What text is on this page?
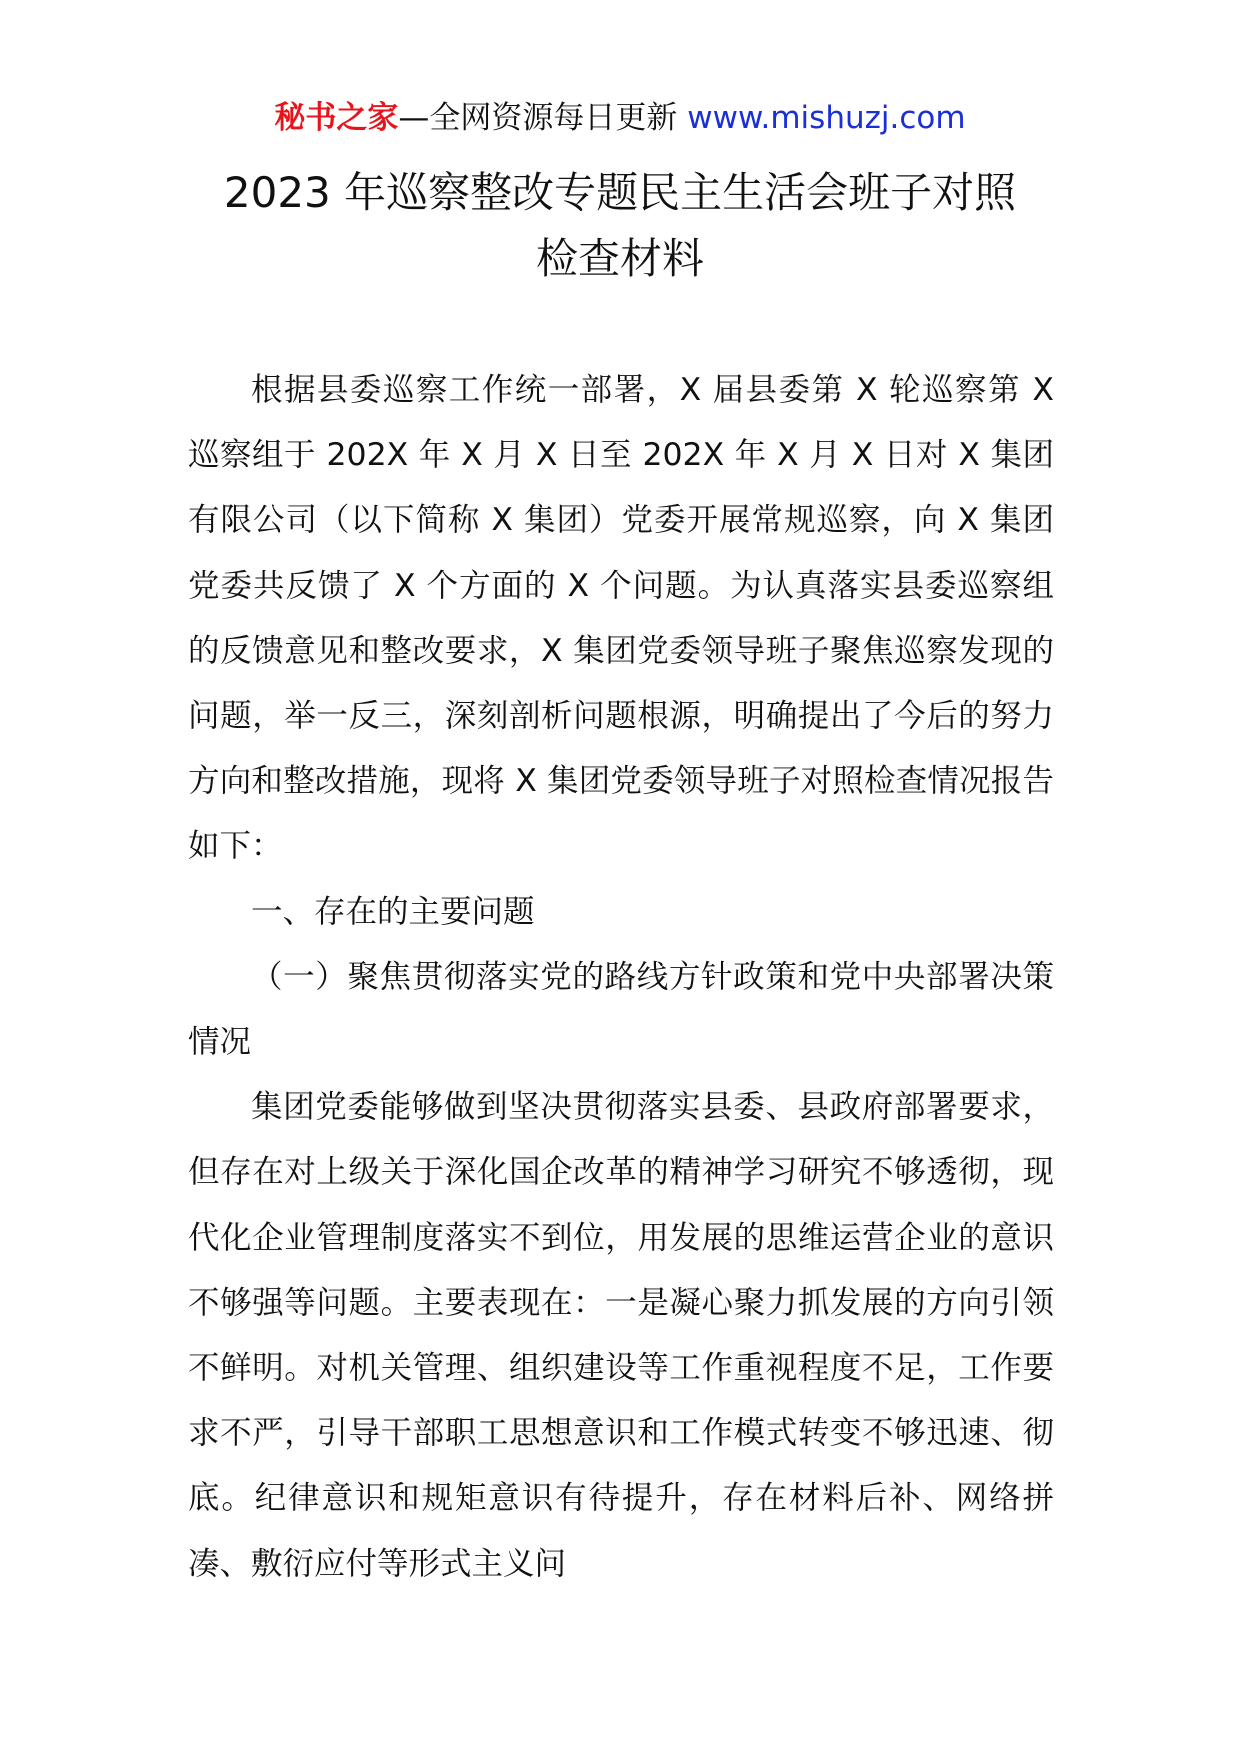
秘书之家—全网资源每日更新 www.mishuzj.com
2023 年巡察整改专题民主生活会班子对照
检查材料

根据县委巡察工作统一部署，X 届县委第 X 轮巡察第 X 巡察组于 202X 年 X 月 X 日至 202X 年 X 月 X 日对 X 集团有限公司（以下简称 X 集团）党委开展常规巡察，向 X 集团党委共反馈了 X 个方面的 X 个问题。为认真落实县委巡察组的反馈意见和整改要求，X 集团党委领导班子聚焦巡察发现的问题，举一反三，深刻剖析问题根源，明确提出了今后的努力方向和整改措施，现将 X 集团党委领导班子对照检查情况报告如下：

一、存在的主要问题

（一）聚焦贯彻落实党的路线方针政策和党中央部署决策情况

集团党委能够做到坚决贯彻落实县委、县政府部署要求，但存在对上级关于深化国企改革的精神学习研究不够透彻，现代化企业管理制度落实不到位，用发展的思维运营企业的意识不够强等问题。主要表现在：一是凝心聚力抓发展的方向引领不鲜明。对机关管理、组织建设等工作重视程度不足，工作要求不严，引导干部职工思想意识和工作模式转变不够迅速、彻底。纪律意识和规矩意识有待提升，存在材料后补、网络拼凑、敷衍应付等形式主义问
